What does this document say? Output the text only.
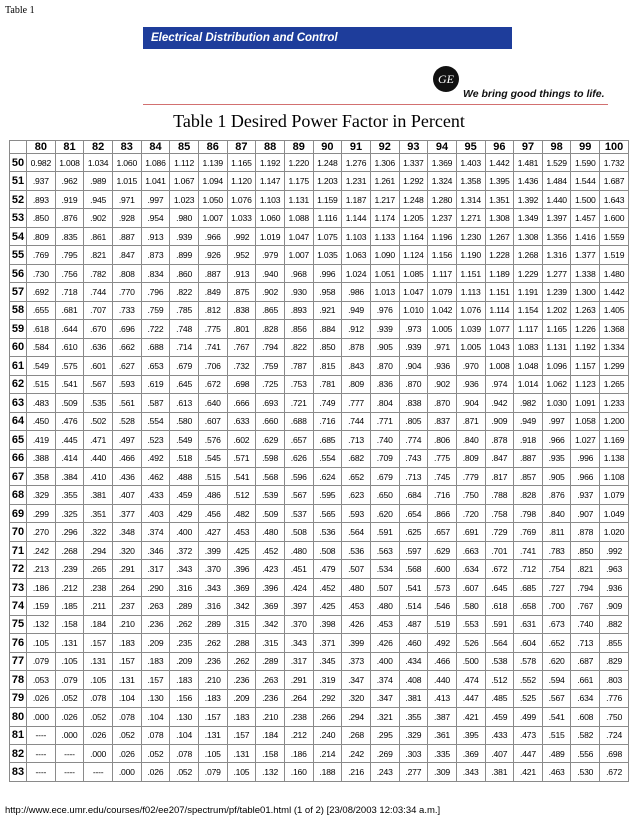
Table 1
Electrical Distribution and Control
GE
We bring good things to life.
Table 1 Desired Power Factor in Percent
	80	81	82	83	84	85	86	87	88	89	90	91	92	93	94	95	96	97	98	99	100
50	0.982	1.008	1.034	1.060	1.086	1.112	1.139	1.165	1.192	1.220	1.248	1.276	1.306	1.337	1.369	1.403	1.442	1.481	1.529	1.590	1.732
51	.937	.962	.989	1.015	1.041	1.067	1.094	1.120	1.147	1.175	1.203	1.231	1.261	1.292	1.324	1.358	1.395	1.436	1.484	1.544	1.687
52	.893	.919	.945	.971	.997	1.023	1.050	1.076	1.103	1.131	1.159	1.187	1.217	1.248	1.280	1.314	1.351	1.392	1.440	1.500	1.643
53	.850	.876	.902	.928	.954	.980	1.007	1.033	1.060	1.088	1.116	1.144	1.174	1.205	1.237	1.271	1.308	1.349	1.397	1.457	1.600
54	.809	.835	.861	.887	.913	.939	.966	.992	1.019	1.047	1.075	1.103	1.133	1.164	1.196	1.230	1.267	1.308	1.356	1.416	1.559
55	.769	.795	.821	.847	.873	.899	.926	.952	.979	1.007	1.035	1.063	1.090	1.124	1.156	1.190	1.228	1.268	1.316	1.377	1.519
56	.730	.756	.782	.808	.834	.860	.887	.913	.940	.968	.996	1.024	1.051	1.085	1.117	1.151	1.189	1.229	1.277	1.338	1.480
57	.692	.718	.744	.770	.796	.822	.849	.875	.902	.930	.958	.986	1.013	1.047	1.079	1.113	1.151	1.191	1.239	1.300	1.442
58	.655	.681	.707	.733	.759	.785	.812	.838	.865	.893	.921	.949	.976	1.010	1.042	1.076	1.114	1.154	1.202	1.263	1.405
59	.618	.644	.670	.696	.722	.748	.775	.801	.828	.856	.884	.912	.939	.973	1.005	1.039	1.077	1.117	1.165	1.226	1.368
60	.584	.610	.636	.662	.688	.714	.741	.767	.794	.822	.850	.878	.905	.939	.971	1.005	1.043	1.083	1.131	1.192	1.334
61	.549	.575	.601	.627	.653	.679	.706	.732	.759	.787	.815	.843	.870	.904	.936	.970	1.008	1.048	1.096	1.157	1.299
62	.515	.541	.567	.593	.619	.645	.672	.698	.725	.753	.781	.809	.836	.870	.902	.936	.974	1.014	1.062	1.123	1.265
63	.483	.509	.535	.561	.587	.613	.640	.666	.693	.721	.749	.777	.804	.838	.870	.904	.942	.982	1.030	1.091	1.233
64	.450	.476	.502	.528	.554	.580	.607	.633	.660	.688	.716	.744	.771	.805	.837	.871	.909	.949	.997	1.058	1.200
65	.419	.445	.471	.497	.523	.549	.576	.602	.629	.657	.685	.713	.740	.774	.806	.840	.878	.918	.966	1.027	1.169
66	.388	.414	.440	.466	.492	.518	.545	.571	.598	.626	.554	.682	.709	.743	.775	.809	.847	.887	.935	.996	1.138
67	.358	.384	.410	.436	.462	.488	.515	.541	.568	.596	.624	.652	.679	.713	.745	.779	.817	.857	.905	.966	1.108
68	.329	.355	.381	.407	.433	.459	.486	.512	.539	.567	.595	.623	.650	.684	.716	.750	.788	.828	.876	.937	1.079
69	.299	.325	.351	.377	.403	.429	.456	.482	.509	.537	.565	.593	.620	.654	.866	.720	.758	.798	.840	.907	1.049
70	.270	.296	.322	.348	.374	.400	.427	.453	.480	.508	.536	.564	.591	.625	.657	.691	.729	.769	.811	.878	1.020
71	.242	.268	.294	.320	.346	.372	.399	.425	.452	.480	.508	.536	.563	.597	.629	.663	.701	.741	.783	.850	.992
72	.213	.239	.265	.291	.317	.343	.370	.396	.423	.451	.479	.507	.534	.568	.600	.634	.672	.712	.754	.821	.963
73	.186	.212	.238	.264	.290	.316	.343	.369	.396	.424	.452	.480	.507	.541	.573	.607	.645	.685	.727	.794	.936
74	.159	.185	.211	.237	.263	.289	.316	.342	.369	.397	.425	.453	.480	.514	.546	.580	.618	.658	.700	.767	.909
75	.132	.158	.184	.210	.236	.262	.289	.315	.342	.370	.398	.426	.453	.487	.519	.553	.591	.631	.673	.740	.882
76	.105	.131	.157	.183	.209	.235	.262	.288	.315	.343	.371	.399	.426	.460	.492	.526	.564	.604	.652	.713	.855
77	.079	.105	.131	.157	.183	.209	.236	.262	.289	.317	.345	.373	.400	.434	.466	.500	.538	.578	.620	.687	.829
78	.053	.079	.105	.131	.157	.183	.210	.236	.263	.291	.319	.347	.374	.408	.440	.474	.512	.552	.594	.661	.803
79	.026	.052	.078	.104	.130	.156	.183	.209	.236	.264	.292	.320	.347	.381	.413	.447	.485	.525	.567	.634	.776
80	.000	.026	.052	.078	.104	.130	.157	.183	.210	.238	.266	.294	.321	.355	.387	.421	.459	.499	.541	.608	.750
81	----	.000	.026	.052	.078	.104	.131	.157	.184	.212	.240	.268	.295	.329	.361	.395	.433	.473	.515	.582	.724
82	----	----	.000	.026	.052	.078	.105	.131	.158	.186	.214	.242	.269	.303	.335	.369	.407	.447	.489	.556	.698
83	----	----	----	.000	.026	.052	.079	.105	.132	.160	.188	.216	.243	.277	.309	.343	.381	.421	.463	.530	.672
http://www.ece.umr.edu/courses/f02/ee207/spectrum/pf/table01.html (1 of 2) [23/08/2003 12:03:34 a.m.]
